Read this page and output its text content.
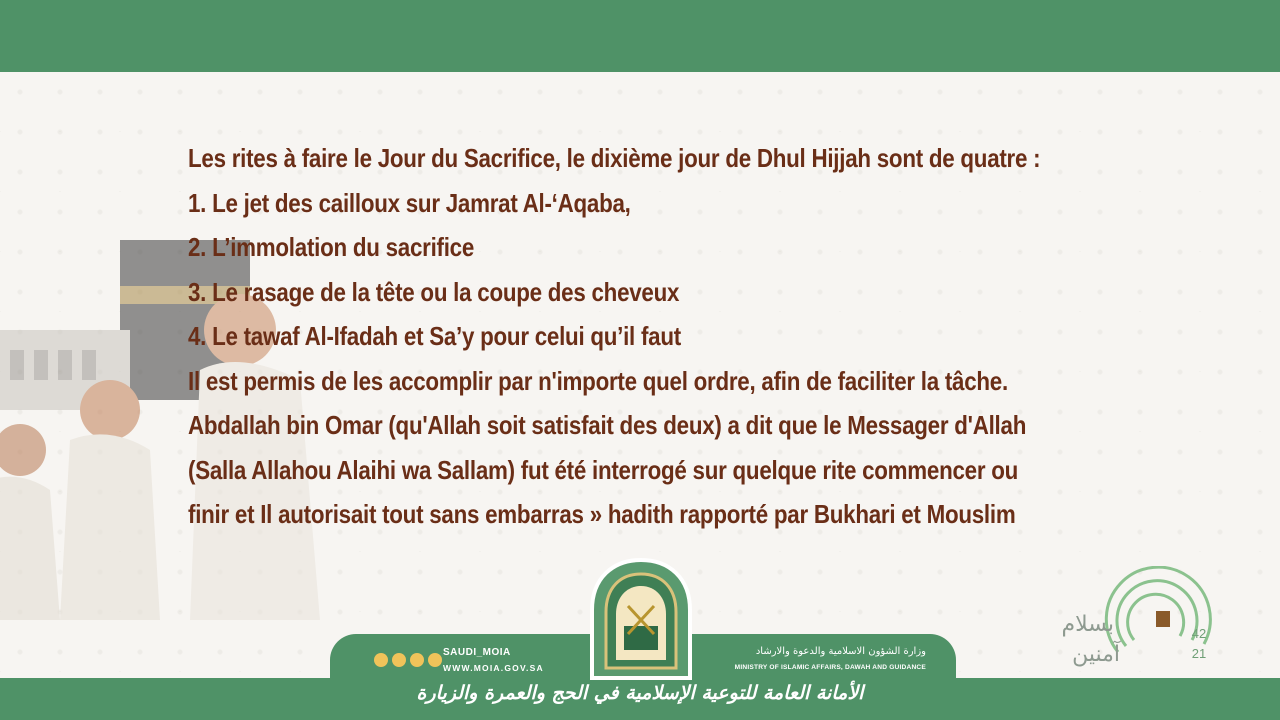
Les rites à faire le Jour du Sacrifice, le dixième jour de Dhul Hijjah sont de quatre :
1. Le jet des cailloux sur Jamrat Al-‘Aqaba,
2. L’immolation du sacrifice
3. Le rasage de la tête ou la coupe des cheveux
4. Le tawaf Al-Ifadah et Sa’y pour celui qu’il faut
Il est permis de les accomplir par n'importe quel ordre, afin de faciliter la tâche.
Abdallah bin Omar (qu'Allah soit satisfait des deux) a dit que le Messager d'Allah
(Salla Allahou Alaihi wa Sallam) fut été interrogé sur quelque rite commencer ou
finir et Il autorisait tout sans embarras » hadith rapporté par Bukhari et Mouslim
SAUDI_MOIA
WWW.MOIA.GOV.SA
وزارة الشؤون الاسلامية والدعوة والارشاد
MINISTRY OF ISLAMIC AFFAIRS, DAWAH AND GUIDANCE
الأمانة العامة للتوعية الإسلامية في الحج والعمرة والزيارة
بسلام
آمنين
42
21
